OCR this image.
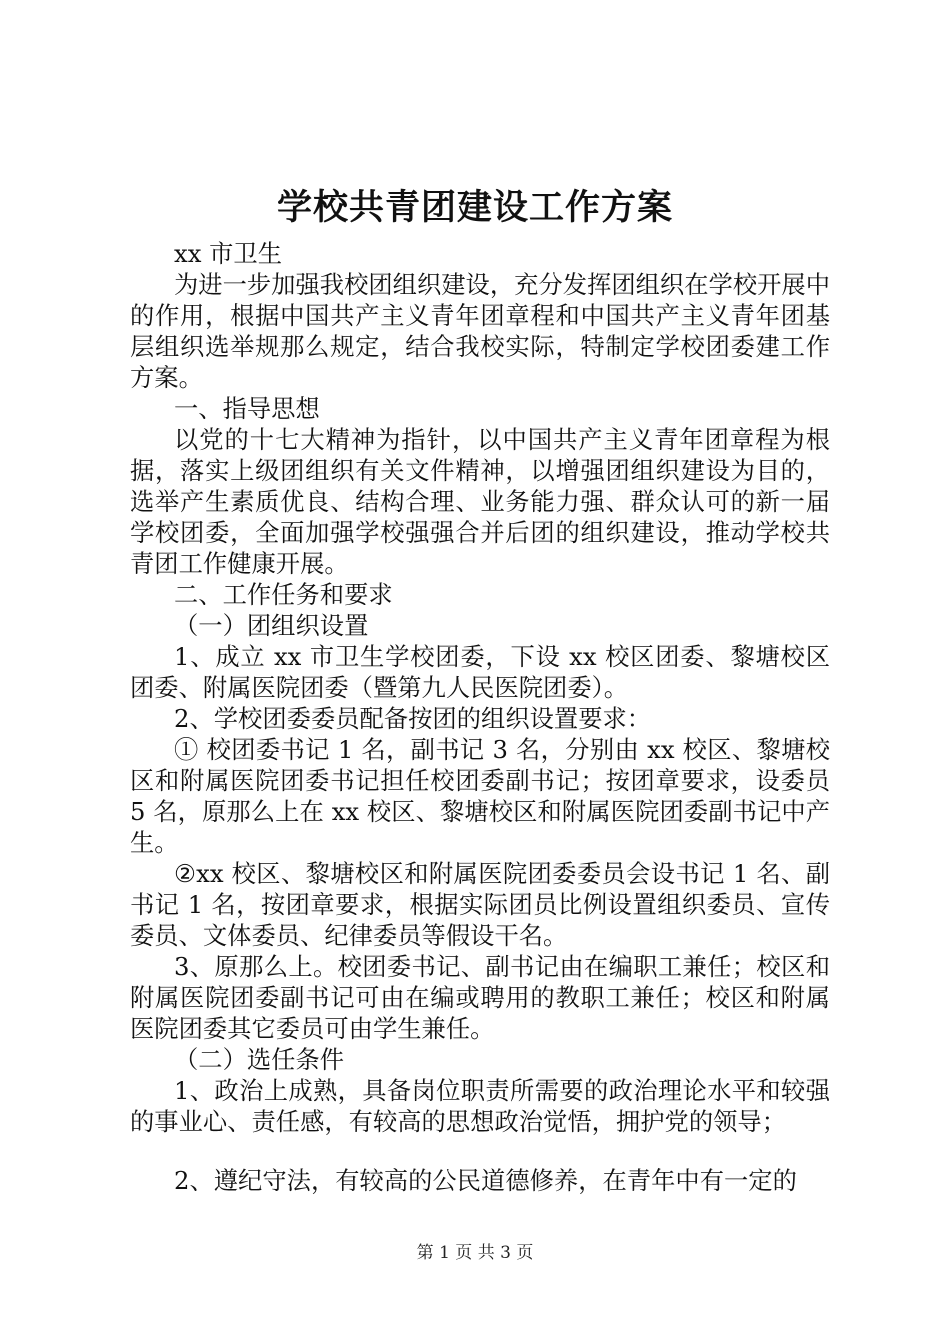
学校共青团建设工作方案

xx 市卫生

为进一步加强我校团组织建设，充分发挥团组织在学校开展中的作用，根据中国共产主义青年团章程和中国共产主义青年团基层组织选举规那么规定，结合我校实际，特制定学校团委建工作方案。

一、指导思想

以党的十七大精神为指针，以中国共产主义青年团章程为根据，落实上级团组织有关文件精神，以增强团组织建设为目的，选举产生素质优良、结构合理、业务能力强、群众认可的新一届学校团委，全面加强学校强强合并后团的组织建设，推动学校共青团工作健康开展。

二、工作任务和要求

（一）团组织设置

1、成立 xx 市卫生学校团委，下设 xx 校区团委、黎塘校区团委、附属医院团委（暨第九人民医院团委）。

2、学校团委委员配备按团的组织设置要求：

① 校团委书记 1 名，副书记 3 名，分别由 xx 校区、黎塘校区和附属医院团委书记担任校团委副书记；按团章要求，设委员 5 名，原那么上在 xx 校区、黎塘校区和附属医院团委副书记中产生。

②xx 校区、黎塘校区和附属医院团委委员会设书记 1 名、副书记 1 名，按团章要求，根据实际团员比例设置组织委员、宣传委员、文体委员、纪律委员等假设干名。

3、原那么上。校团委书记、副书记由在编职工兼任；校区和附属医院团委副书记可由在编或聘用的教职工兼任；校区和附属医院团委其它委员可由学生兼任。

（二）选任条件

1、政治上成熟，具备岗位职责所需要的政治理论水平和较强的事业心、责任感，有较高的思想政治觉悟，拥护党的领导；

2、遵纪守法，有较高的公民道德修养，在青年中有一定的

第 1 页 共 3 页
